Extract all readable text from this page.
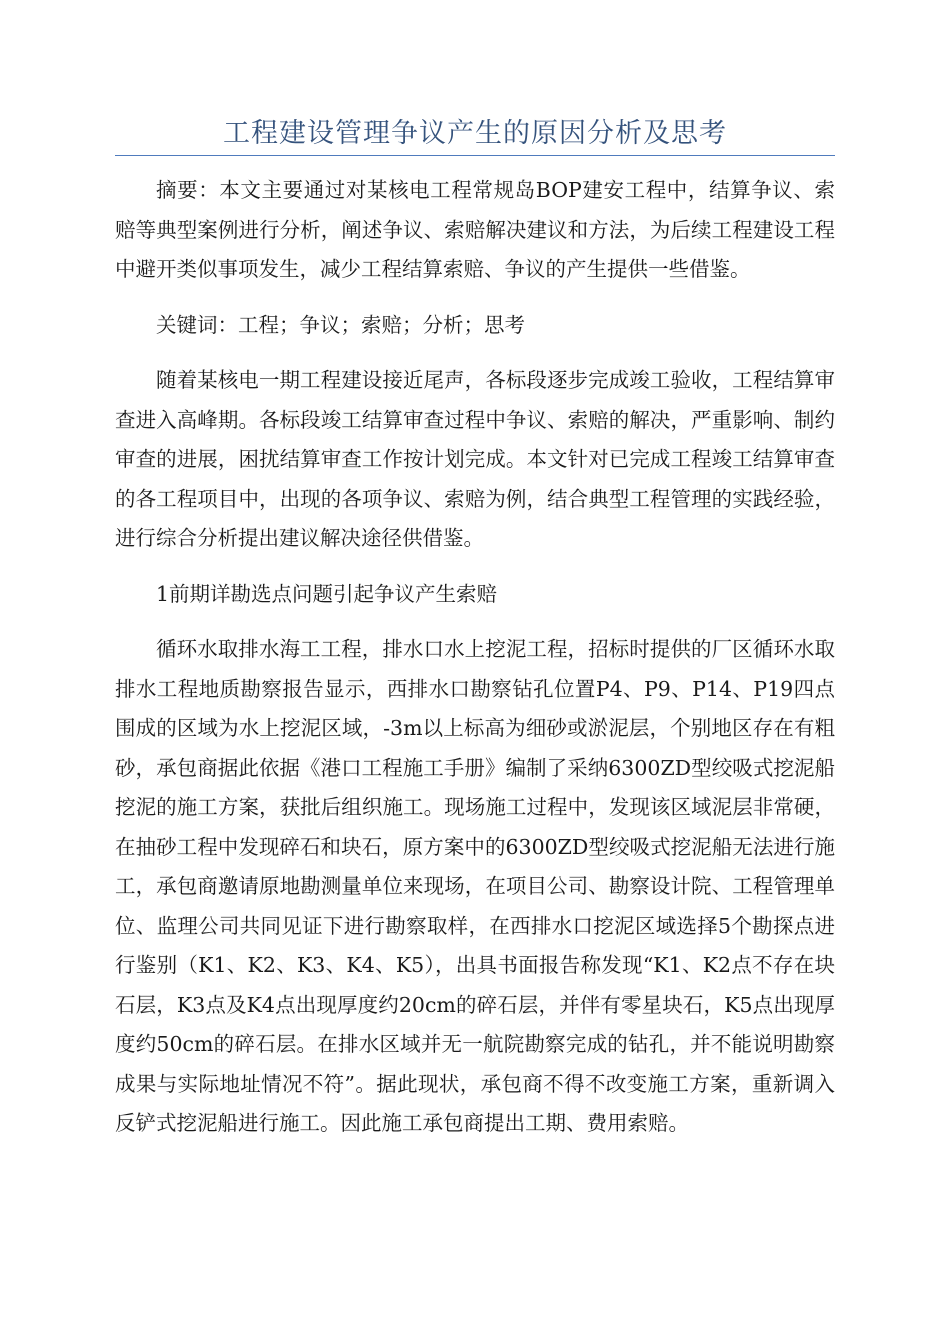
工程建设管理争议产生的原因分析及思考

摘要：本文主要通过对某核电工程常规岛BOP建安工程中，结算争议、索赔等典型案例进行分析，阐述争议、索赔解决建议和方法，为后续工程建设工程中避开类似事项发生，减少工程结算索赔、争议的产生提供一些借鉴。

关键词：工程；争议；索赔；分析；思考

随着某核电一期工程建设接近尾声，各标段逐步完成竣工验收，工程结算审查进入高峰期。各标段竣工结算审查过程中争议、索赔的解决，严重影响、制约审查的进展，困扰结算审查工作按计划完成。本文针对已完成工程竣工结算审查的各工程项目中，出现的各项争议、索赔为例，结合典型工程管理的实践经验，进行综合分析提出建议解决途径供借鉴。

1前期详勘选点问题引起争议产生索赔

循环水取排水海工工程，排水口水上挖泥工程，招标时提供的厂区循环水取排水工程地质勘察报告显示，西排水口勘察钻孔位置P4、P9、P14、P19四点围成的区域为水上挖泥区域，-3m以上标高为细砂或淤泥层，个别地区存在有粗砂，承包商据此依据《港口工程施工手册》编制了采纳6300ZD型绞吸式挖泥船挖泥的施工方案，获批后组织施工。现场施工过程中，发现该区域泥层非常硬，在抽砂工程中发现碎石和块石，原方案中的6300ZD型绞吸式挖泥船无法进行施工，承包商邀请原地勘测量单位来现场，在项目公司、勘察设计院、工程管理单位、监理公司共同见证下进行勘察取样，在西排水口挖泥区域选择5个勘探点进行鉴别（K1、K2、K3、K4、K5），出具书面报告称发现“K1、K2点不存在块石层，K3点及K4点出现厚度约20cm的碎石层，并伴有零星块石，K5点出现厚度约50cm的碎石层。在排水区域并无一航院勘察完成的钻孔，并不能说明勘察成果与实际地址情况不符”。据此现状，承包商不得不改变施工方案，重新调入反铲式挖泥船进行施工。因此施工承包商提出工期、费用索赔。
